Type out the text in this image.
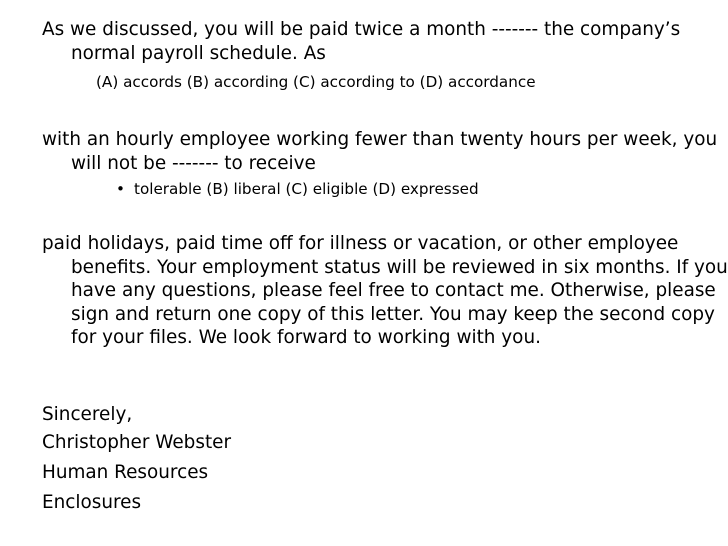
As we discussed, you will be paid twice a month ------- the company’s normal payroll schedule. As
(A) accords (B) according (C) according to (D) accordance
with an hourly employee working fewer than twenty hours per week, you will not be ------- to receive
• tolerable (B) liberal (C) eligible (D) expressed
paid holidays, paid time off for illness or vacation, or other employee benefits. Your employment status will be reviewed in six months. If you have any questions, please feel free to contact me. Otherwise, please sign and return one copy of this letter. You may keep the second copy for your files. We look forward to working with you.
Sincerely,
Christopher Webster
Human Resources
Enclosures
